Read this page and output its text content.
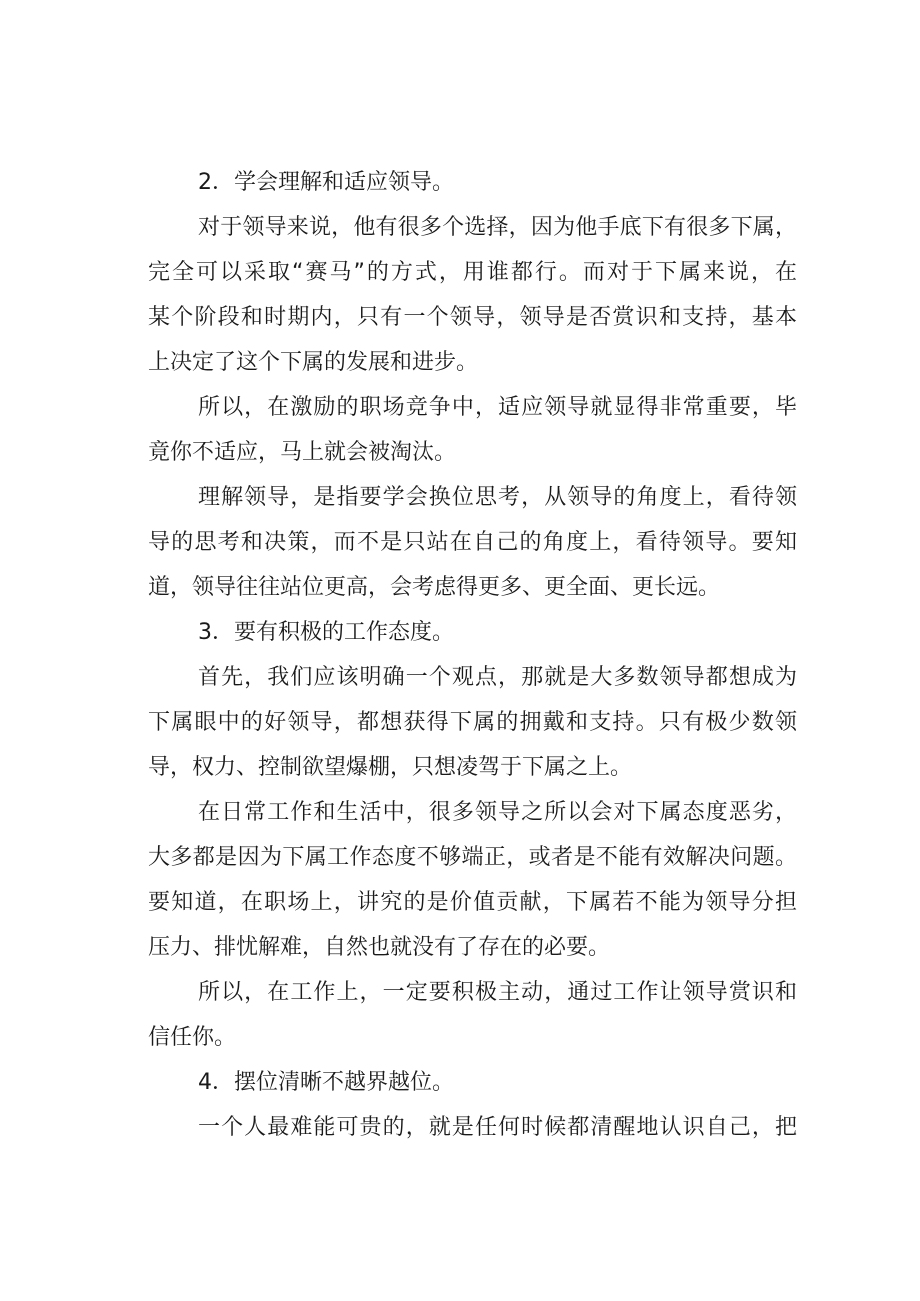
2．学会理解和适应领导。
对于领导来说，他有很多个选择，因为他手底下有很多下属，
完全可以采取“赛马”的方式，用谁都行。而对于下属来说，在
某个阶段和时期内，只有一个领导，领导是否赏识和支持，基本
上决定了这个下属的发展和进步。
所以，在激励的职场竞争中，适应领导就显得非常重要，毕
竟你不适应，马上就会被淘汰。
理解领导，是指要学会换位思考，从领导的角度上，看待领
导的思考和决策，而不是只站在自己的角度上，看待领导。要知
道，领导往往站位更高，会考虑得更多、更全面、更长远。
3．要有积极的工作态度。
首先，我们应该明确一个观点，那就是大多数领导都想成为
下属眼中的好领导，都想获得下属的拥戴和支持。只有极少数领
导，权力、控制欲望爆棚，只想凌驾于下属之上。
在日常工作和生活中，很多领导之所以会对下属态度恶劣，
大多都是因为下属工作态度不够端正，或者是不能有效解决问题。
要知道，在职场上，讲究的是价值贡献，下属若不能为领导分担
压力、排忧解难，自然也就没有了存在的必要。
所以，在工作上，一定要积极主动，通过工作让领导赏识和
信任你。
4．摆位清晰不越界越位。
一个人最难能可贵的，就是任何时候都清醒地认识自己，把
